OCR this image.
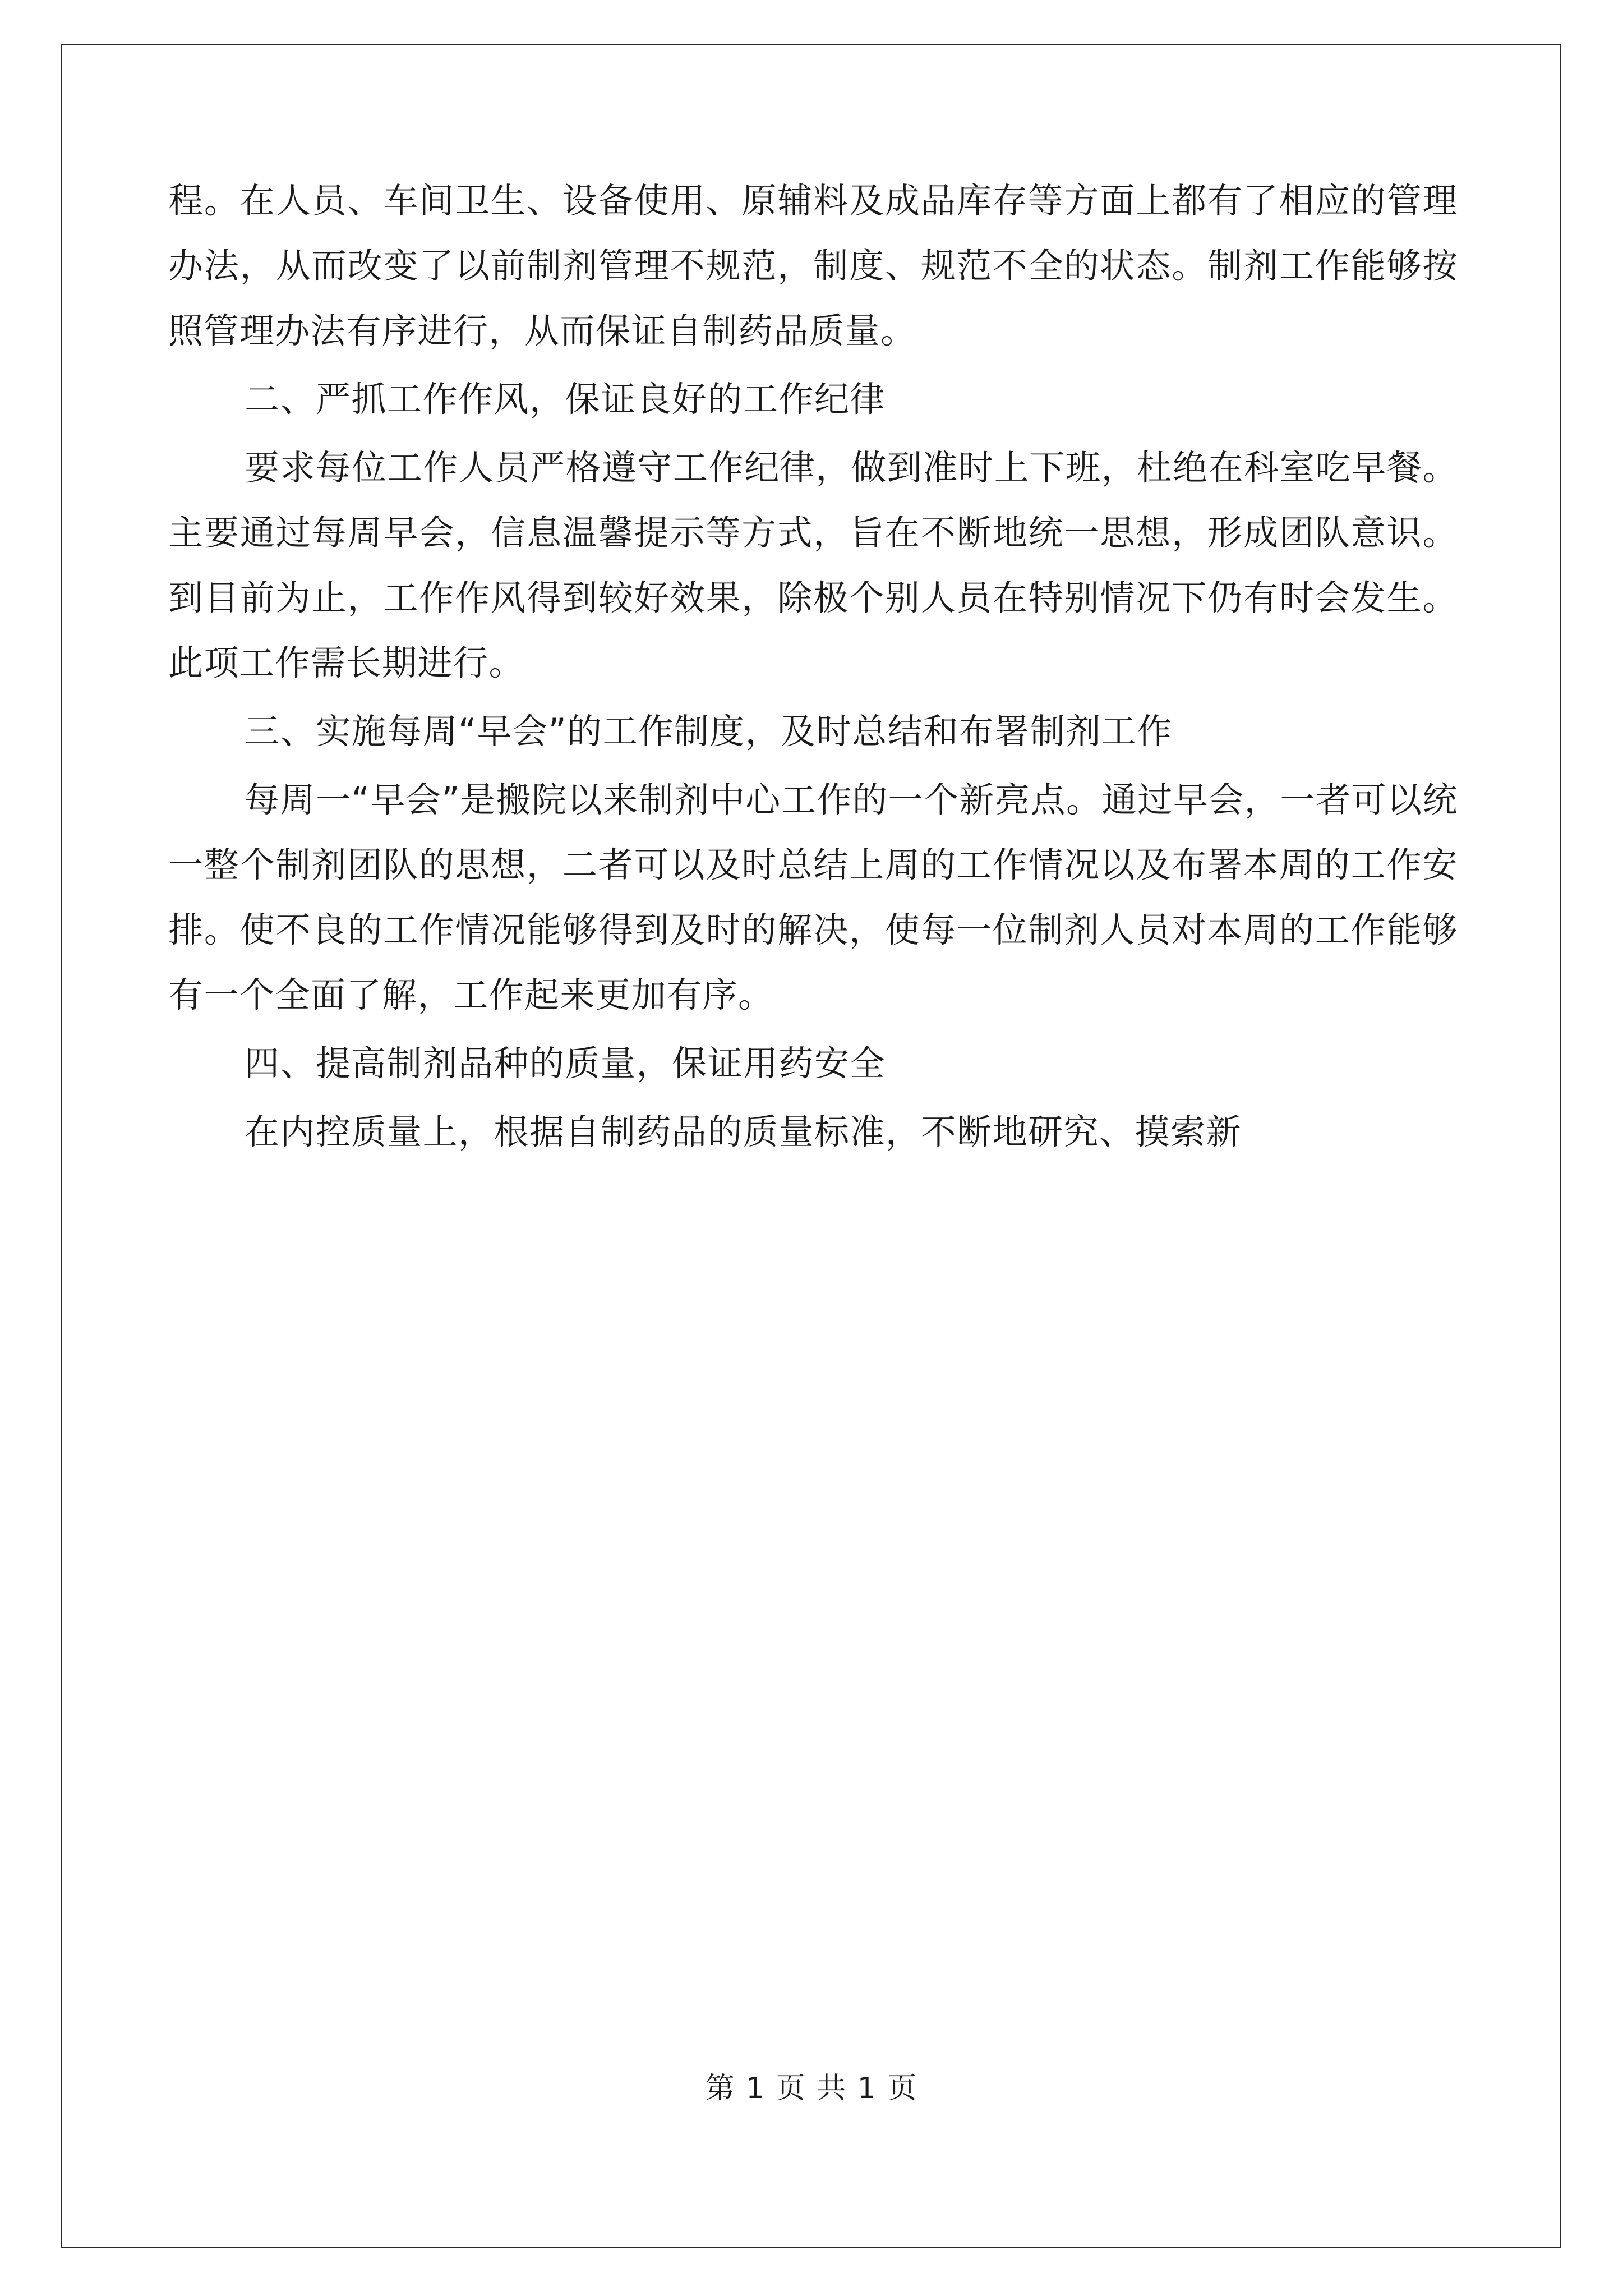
程。在人员、车间卫生、设备使用、原辅料及成品库存等方面上都有了相应的管理办法，从而改变了以前制剂管理不规范，制度、规范不全的状态。制剂工作能够按照管理办法有序进行，从而保证自制药品质量。

二、严抓工作作风，保证良好的工作纪律

要求每位工作人员严格遵守工作纪律，做到准时上下班，杜绝在科室吃早餐。主要通过每周早会，信息温馨提示等方式，旨在不断地统一思想，形成团队意识。到目前为止，工作作风得到较好效果，除极个别人员在特别情况下仍有时会发生。此项工作需长期进行。

三、实施每周“早会”的工作制度，及时总结和布署制剂工作

每周一“早会”是搬院以来制剂中心工作的一个新亮点。通过早会，一者可以统一整个制剂团队的思想，二者可以及时总结上周的工作情况以及布署本周的工作安排。使不良的工作情况能够得到及时的解决，使每一位制剂人员对本周的工作能够有一个全面了解，工作起来更加有序。

四、提高制剂品种的质量，保证用药安全

在内控质量上，根据自制药品的质量标准，不断地研究、摸索新

第 1 页 共 1 页
